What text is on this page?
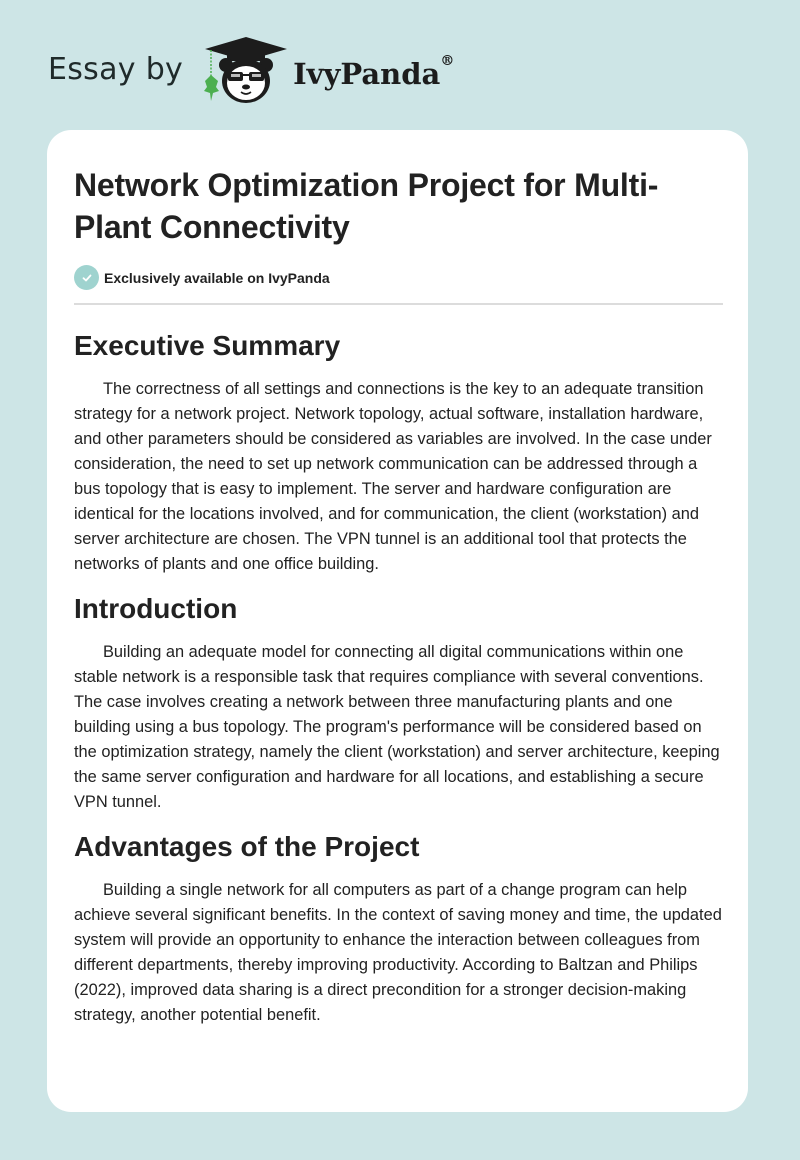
Essay by	IvyPanda®
Network Optimization Project for Multi-Plant Connectivity
Exclusively available on IvyPanda
Executive Summary

The correctness of all settings and connections is the key to an adequate transition strategy for a network project. Network topology, actual software, installation hardware, and other parameters should be considered as variables are involved. In the case under consideration, the need to set up network communication can be addressed through a bus topology that is easy to implement. The server and hardware configuration are identical for the locations involved, and for communication, the client (workstation) and server architecture are chosen. The VPN tunnel is an additional tool that protects the networks of plants and one office building.

Introduction

Building an adequate model for connecting all digital communications within one stable network is a responsible task that requires compliance with several conventions. The case involves creating a network between three manufacturing plants and one building using a bus topology. The program's performance will be considered based on the optimization strategy, namely the client (workstation) and server architecture, keeping the same server configuration and hardware for all locations, and establishing a secure VPN tunnel.

Advantages of the Project

Building a single network for all computers as part of a change program can help achieve several significant benefits. In the context of saving money and time, the updated system will provide an opportunity to enhance the interaction between colleagues from different departments, thereby improving productivity. According to Baltzan and Philips (2022), improved data sharing is a direct precondition for a stronger decision-making strategy, another potential benefit.
